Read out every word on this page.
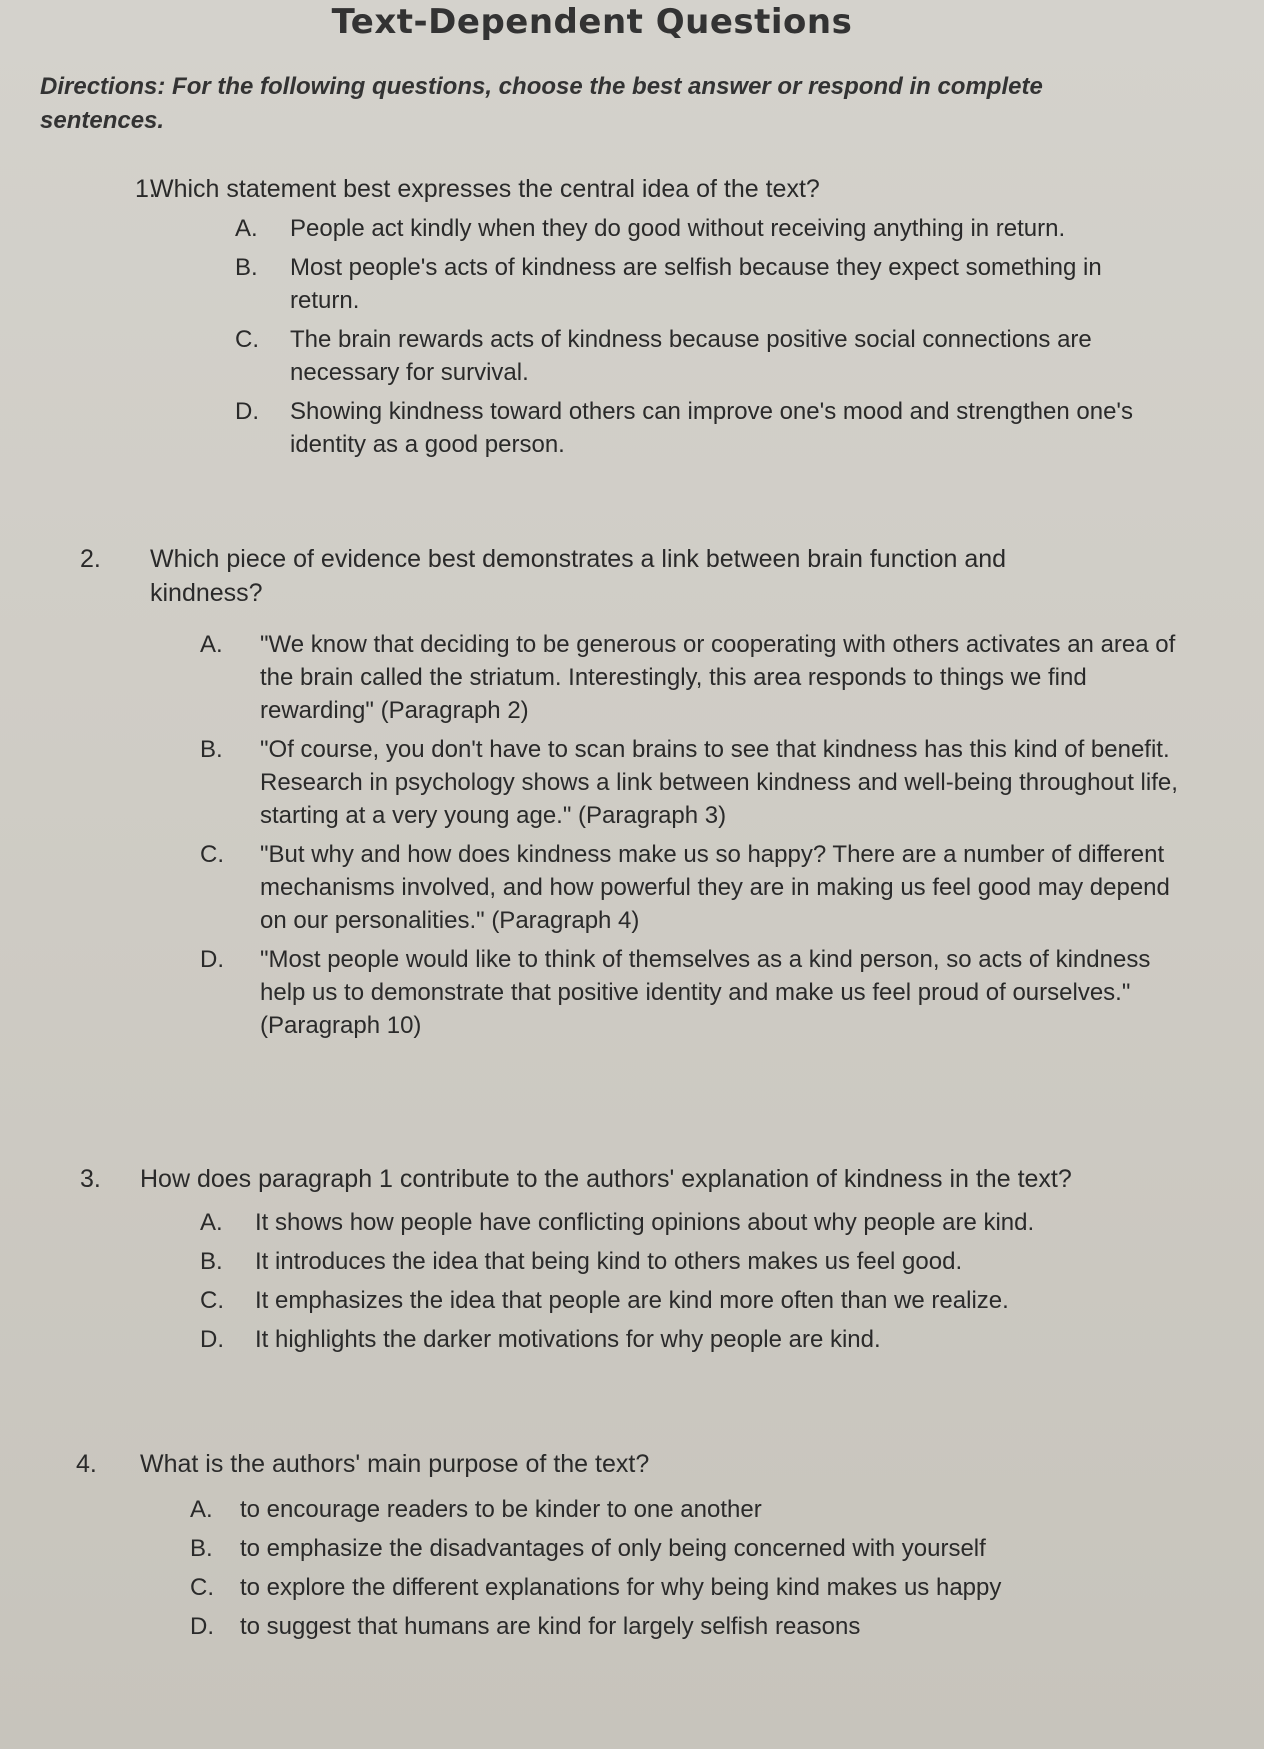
Text-Dependent Questions
Directions: For the following questions, choose the best answer or respond in complete sentences.
1.
Which statement best expresses the central idea of the text?
A.	People act kindly when they do good without receiving anything in return.
B.	Most people's acts of kindness are selfish because they expect something in return.
C.	The brain rewards acts of kindness because positive social connections are necessary for survival.
D.	Showing kindness toward others can improve one's mood and strengthen one's identity as a good person.
2.	Which piece of evidence best demonstrates a link between brain function and kindness?
A.	"We know that deciding to be generous or cooperating with others activates an area of the brain called the striatum. Interestingly, this area responds to things we find rewarding" (Paragraph 2)
B.	"Of course, you don't have to scan brains to see that kindness has this kind of benefit. Research in psychology shows a link between kindness and well-being throughout life, starting at a very young age." (Paragraph 3)
C.	"But why and how does kindness make us so happy? There are a number of different mechanisms involved, and how powerful they are in making us feel good may depend on our personalities." (Paragraph 4)
D.	"Most people would like to think of themselves as a kind person, so acts of kindness help us to demonstrate that positive identity and make us feel proud of ourselves." (Paragraph 10)
3.	How does paragraph 1 contribute to the authors' explanation of kindness in the text?
A.	It shows how people have conflicting opinions about why people are kind.
B.	It introduces the idea that being kind to others makes us feel good.
C.	It emphasizes the idea that people are kind more often than we realize.
D.	It highlights the darker motivations for why people are kind.
4.	What is the authors' main purpose of the text?
A.	to encourage readers to be kinder to one another
B.	to emphasize the disadvantages of only being concerned with yourself
C.	to explore the different explanations for why being kind makes us happy
D.	to suggest that humans are kind for largely selfish reasons
